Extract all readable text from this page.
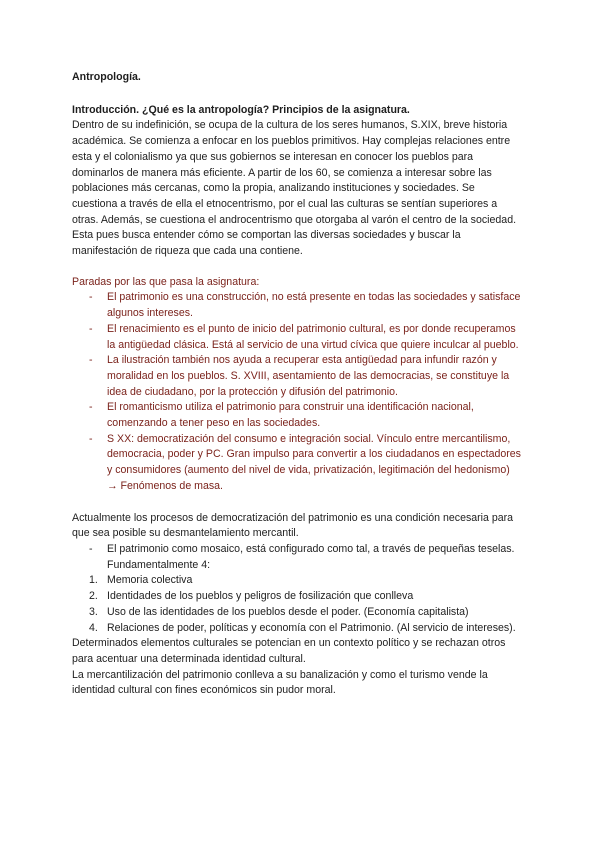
Antropología.
Introducción. ¿Qué es la antropología? Principios de la asignatura.

Dentro de su indefinición, se ocupa de la cultura de los seres humanos, S.XIX, breve historia académica. Se comienza a enfocar en los pueblos primitivos. Hay complejas relaciones entre esta y el colonialismo ya que sus gobiernos se interesan en conocer los pueblos para dominarlos de manera más eficiente. A partir de los 60, se comienza a interesar sobre las poblaciones más cercanas, como la propia, analizando instituciones y sociedades. Se cuestiona a través de ella el etnocentrismo, por el cual las culturas se sentían superiores a otras. Además, se cuestiona el androcentrismo que otorgaba al varón el centro de la sociedad. Esta pues busca entender cómo se comportan las diversas sociedades y buscar la manifestación de riqueza que cada una contiene.

Paradas por las que pasa la asignatura:
- El patrimonio es una construcción, no está presente en todas las sociedades y satisface algunos intereses.
- El renacimiento es el punto de inicio del patrimonio cultural, es por donde recuperamos la antigüedad clásica. Está al servicio de una virtud cívica que quiere inculcar al pueblo.
- La ilustración también nos ayuda a recuperar esta antigüedad para infundir razón y moralidad en los pueblos. S. XVIII, asentamiento de las democracias, se constituye la idea de ciudadano, por la protección y difusión del patrimonio.
- El romanticismo utiliza el patrimonio para construir una identificación nacional, comenzando a tener peso en las sociedades.
- S XX: democratización del consumo e integración social. Vínculo entre mercantilismo, democracia, poder y PC. Gran impulso para convertir a los ciudadanos en espectadores y consumidores (aumento del nivel de vida, privatización, legitimación del hedonismo) → Fenómenos de masa.

Actualmente los procesos de democratización del patrimonio es una condición necesaria para que sea posible su desmantelamiento mercantil.

- El patrimonio como mosaico, está configurado como tal, a través de pequeñas teselas. Fundamentalmente 4:
1. Memoria colectiva
2. Identidades de los pueblos y peligros de fosilización que conlleva
3. Uso de las identidades de los pueblos desde el poder. (Economía capitalista)
4. Relaciones de poder, políticas y economía con el Patrimonio. (Al servicio de intereses).

Determinados elementos culturales se potencian en un contexto político y se rechazan otros para acentuar una determinada identidad cultural.

La mercantilización del patrimonio conlleva a su banalización y como el turismo vende la identidad cultural con fines económicos sin pudor moral.
